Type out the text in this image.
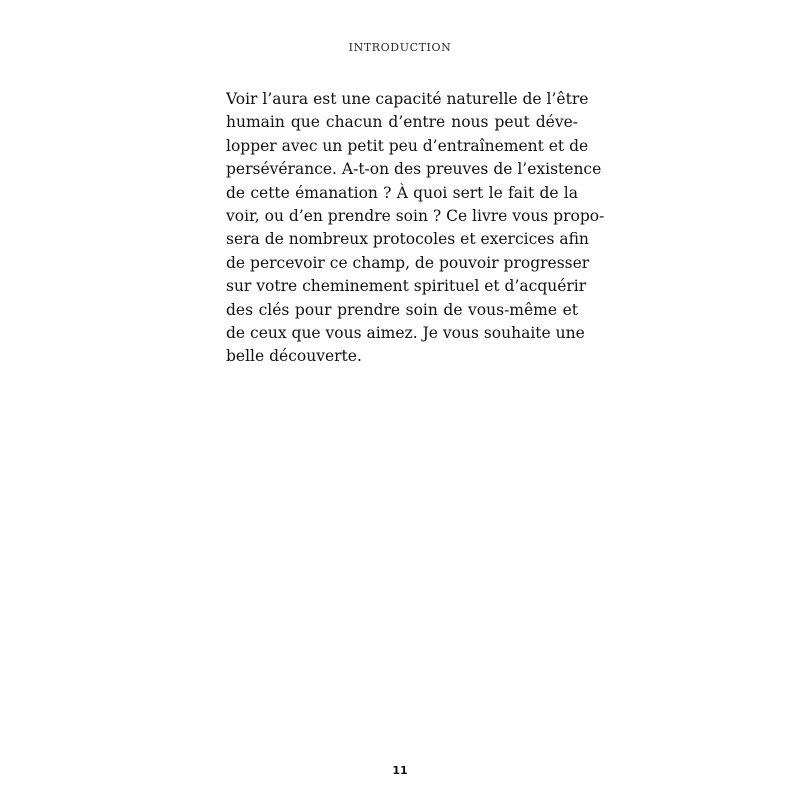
INTRODUCTION

Voir l’aura est une capacité naturelle de l’être
humain que chacun d’entre nous peut déve-
lopper avec un petit peu d’entraînement et de
persévérance. A-t-on des preuves de l’existence
de cette émanation ? À quoi sert le fait de la
voir, ou d’en prendre soin ? Ce livre vous propo-
sera de nombreux protocoles et exercices afin
de percevoir ce champ, de pouvoir progresser
sur votre cheminement spirituel et d’acquérir
des clés pour prendre soin de vous-même et
de ceux que vous aimez. Je vous souhaite une
belle découverte.

11
